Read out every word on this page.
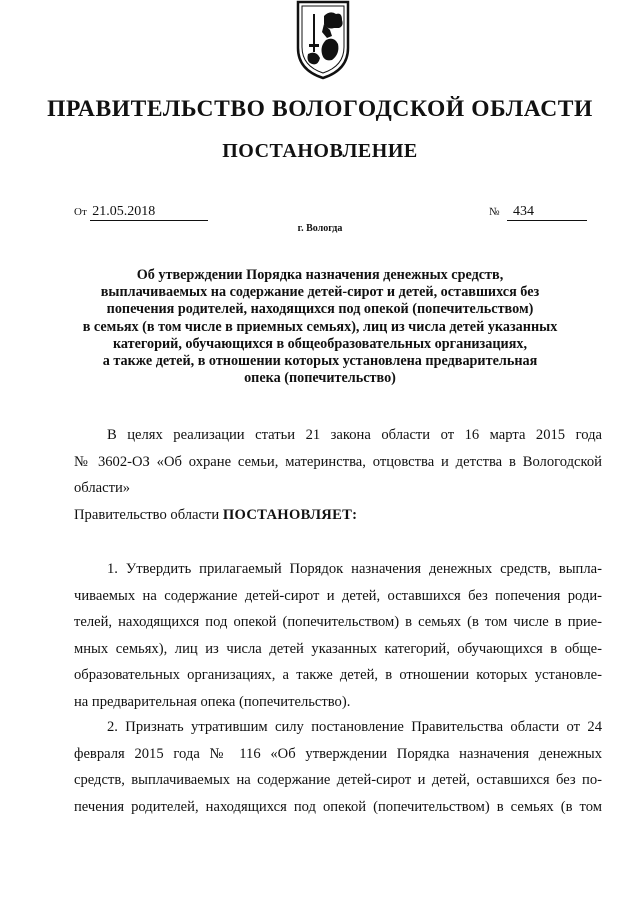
ПРАВИТЕЛЬСТВО ВОЛОГОДСКОЙ ОБЛАСТИ
ПОСТАНОВЛЕНИЕ
От 21.05.2018	№ 434
г. Вологда
Об утверждении Порядка назначения денежных средств,
выплачиваемых на содержание детей-сирот и детей, оставшихся без
попечения родителей, находящихся под опекой (попечительством)
в семьях (в том числе в приемных семьях), лиц из числа детей указанных
категорий, обучающихся в общеобразовательных организациях,
а также детей, в отношении которых установлена предварительная
опека (попечительство)
В целях реализации статьи 21 закона области от 16 марта 2015 года
№ 3602-ОЗ «Об охране семьи, материнства, отцовства и детства в Вологодской
области»
Правительство области ПОСТАНОВЛЯЕТ:
1. Утвердить прилагаемый Порядок назначения денежных средств, выпла-
чиваемых на содержание детей-сирот и детей, оставшихся без попечения роди-
телей, находящихся под опекой (попечительством) в семьях (в том числе в прие-
мных семьях), лиц из числа детей указанных категорий, обучающихся в обще-
образовательных организациях, а также детей, в отношении которых установле-
на предварительная опека (попечительство).
2. Признать утратившим силу постановление Правительства области от 24
февраля 2015 года № 116 «Об утверждении Порядка назначения денежных
средств, выплачиваемых на содержание детей-сирот и детей, оставшихся без по-
печения родителей, находящихся под опекой (попечительством) в семьях (в том
